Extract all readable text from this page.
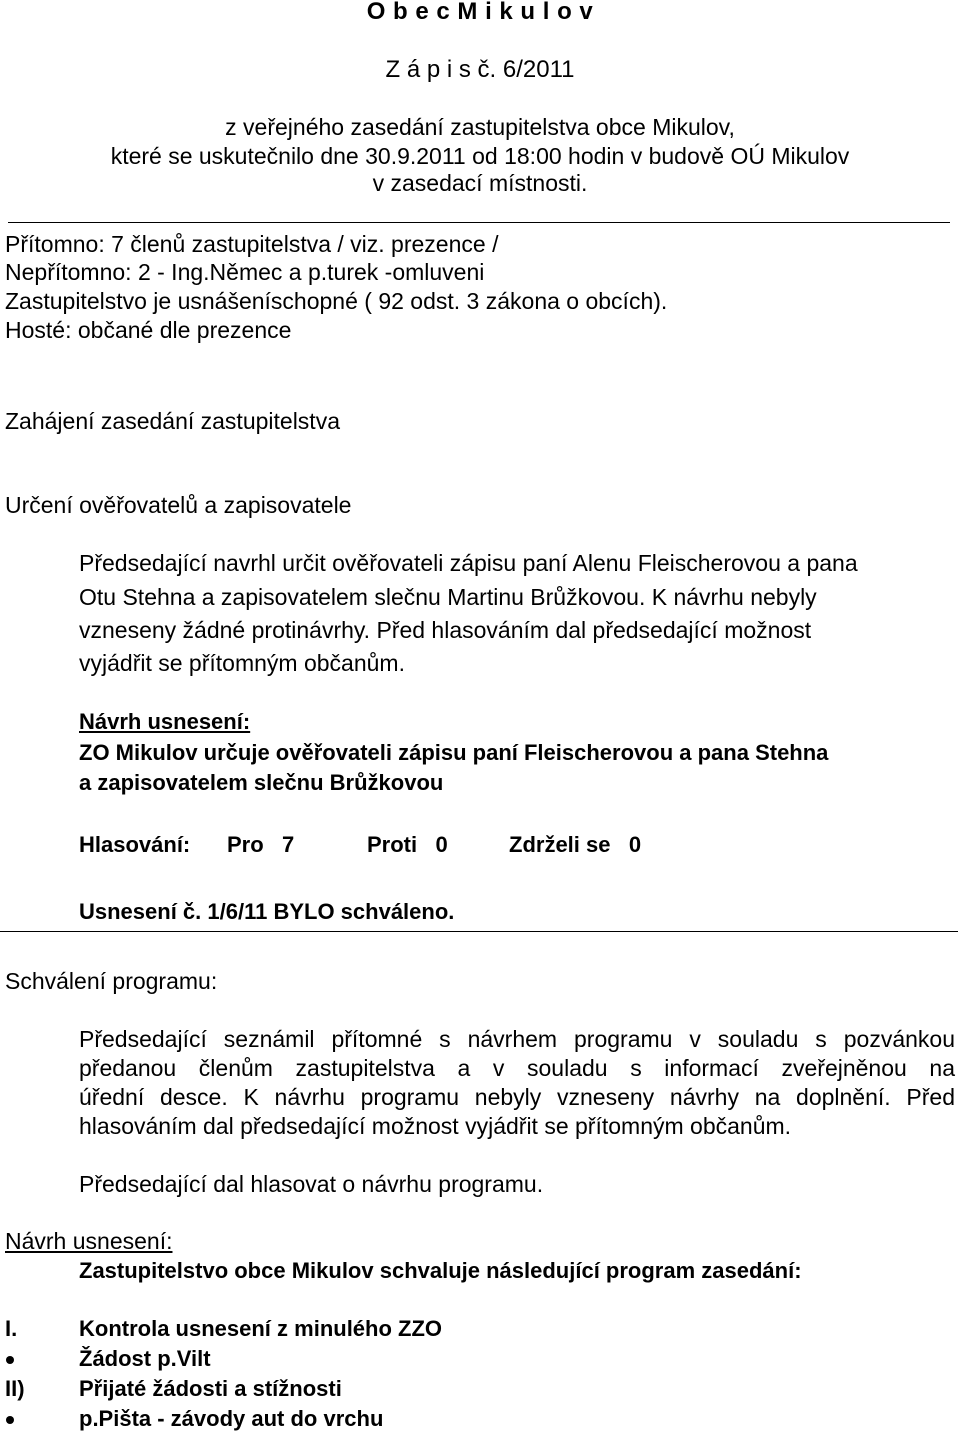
O b e c M i k u l o v
Z á p i s č. 6/2011
z veřejného zasedání zastupitelstva obce Mikulov,
které se uskutečnilo dne 30.9.2011 od 18:00 hodin v budově OÚ Mikulov
v zasedací místnosti.
Přítomno: 7 členů zastupitelstva / viz. prezence /
Nepřítomno: 2 - Ing.Němec a p.turek -omluveni
Zastupitelstvo je usnášeníschopné ( 92 odst. 3 zákona o obcích).
Hosté: občané dle prezence
Zahájení zasedání zastupitelstva
Určení ověřovatelů a zapisovatele
Předsedající navrhl určit ověřovateli zápisu paní Alenu Fleischerovou a pana
Otu Stehna a zapisovatelem slečnu Martinu Brůžkovou. K návrhu nebyly
vzneseny žádné protinávrhy. Před hlasováním dal předsedající možnost
vyjádřit se přítomným občanům.
Návrh usnesení:
ZO Mikulov určuje ověřovateli zápisu paní Fleischerovou a pana Stehna
a zapisovatelem slečnu Brůžkovou
Hlasování: Pro   7	Proti   0	Zdrželi se   0
Usnesení č. 1/6/11 BYLO schváleno.
Schválení programu:
Předsedající seznámil přítomné s návrhem programu v souladu s pozvánkou
předanou členům zastupitelstva a v souladu s informací zveřejněnou na
úřední desce. K návrhu programu nebyly vzneseny návrhy na doplnění. Před
hlasováním dal předsedající možnost vyjádřit se přítomným občanům.
Předsedající dal hlasovat o návrhu programu.
Návrh usnesení:
Zastupitelstvo obce Mikulov schvaluje následující program zasedání:
I.	Kontrola usnesení z minulého ZZO
Žádost p.Vilt
II) Přijaté žádosti a stížnosti
p.Pišta - závody aut do vrchu
